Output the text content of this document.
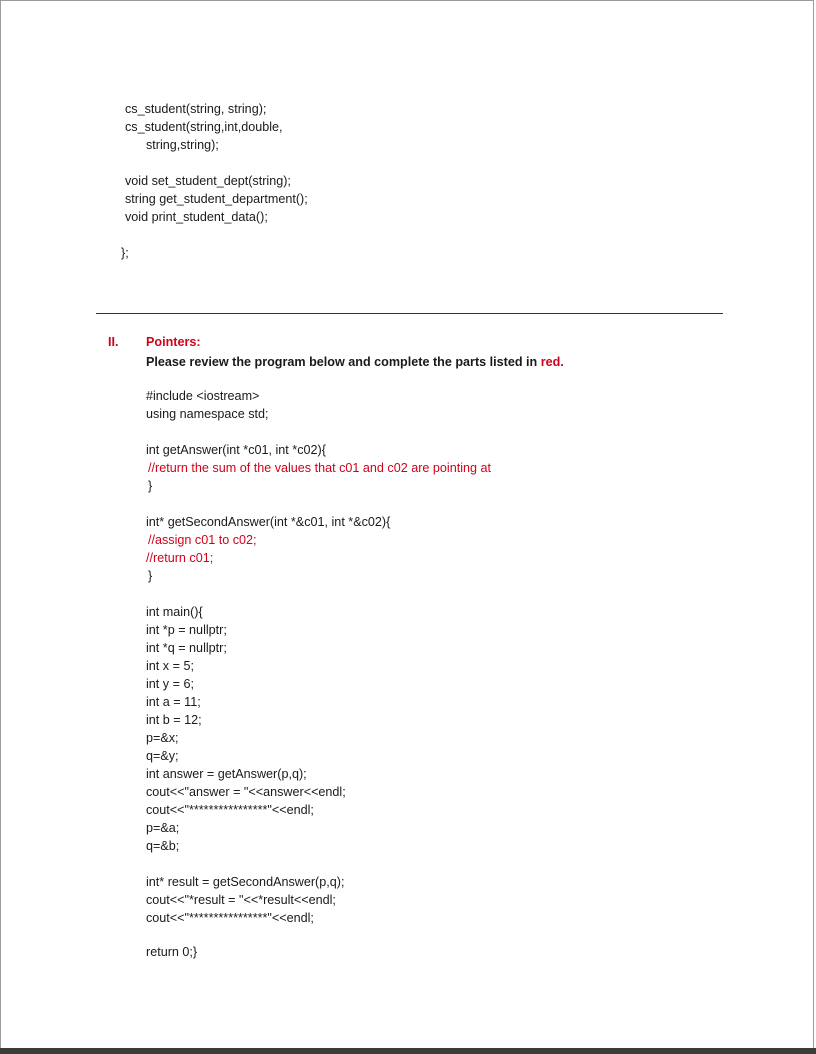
cs_student(string, string);
cs_student(string,int,double,
string,string);
void set_student_dept(string);
string get_student_department();
void print_student_data();
};
II. Pointers:
Please review the program below and complete the parts listed in red.
#include <iostream>
using namespace std;
int getAnswer(int *c01, int *c02){
//return the sum of the values that c01 and c02 are pointing at
}
int* getSecondAnswer(int *&c01, int *&c02){
//assign c01 to c02;
//return c01;
}
int main(){
int *p = nullptr;
int *q = nullptr;
int x = 5;
int y = 6;
int a = 11;
int b = 12;
p=&x;
q=&y;
int answer = getAnswer(p,q);
cout<<"answer = "<<answer<<endl;
cout<<"****************"<<endl;
p=&a;
q=&b;
int* result = getSecondAnswer(p,q);
cout<<"*result = "<<*result<<endl;
cout<<"****************"<<endl;
return 0;}
